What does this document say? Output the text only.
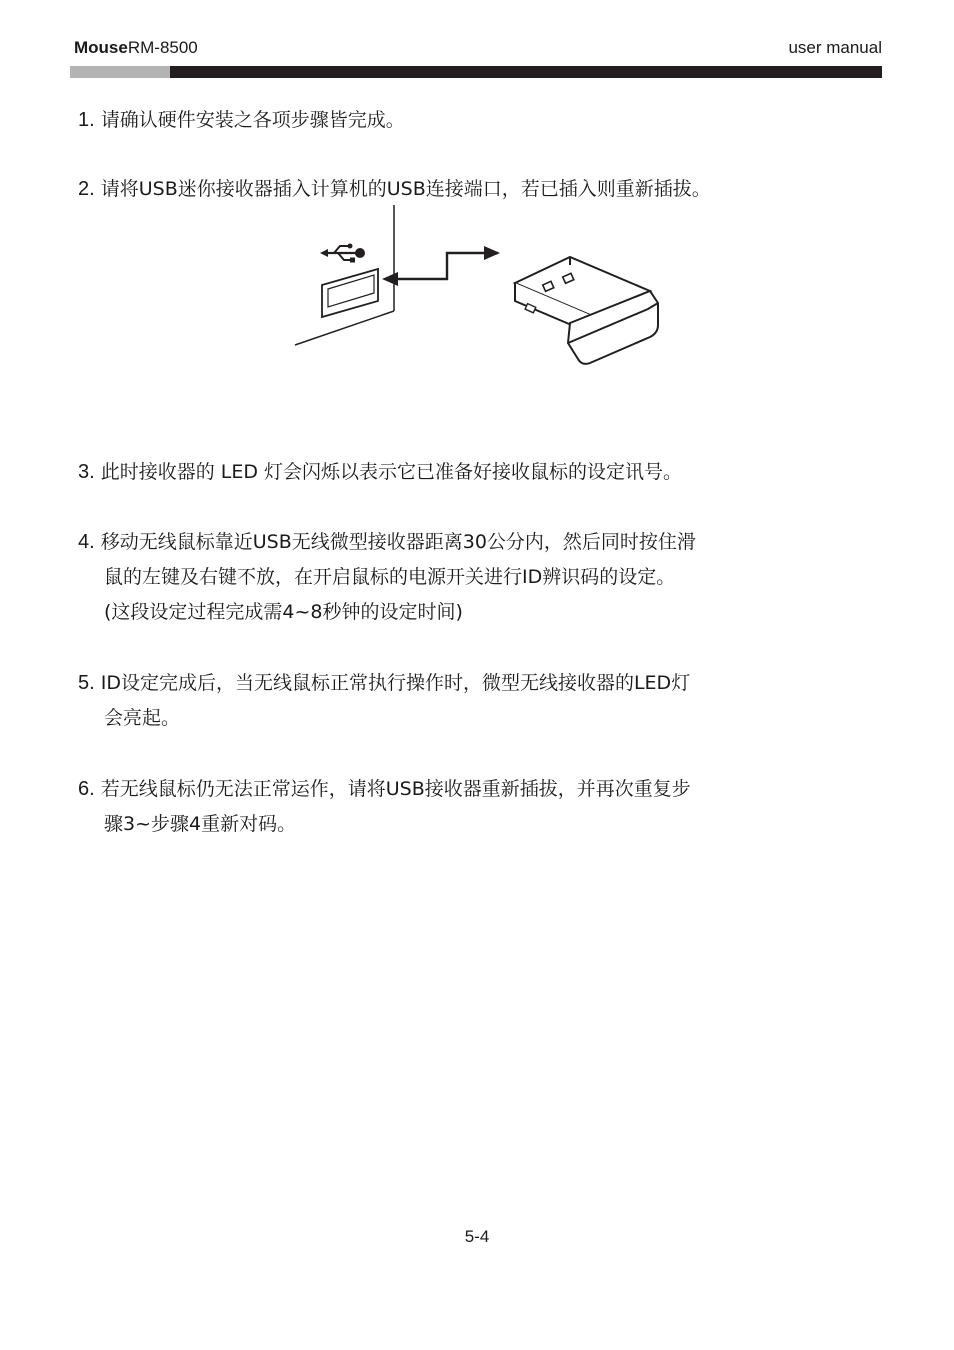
MouseRM-8500	user manual
1. 请确认硬件安装之各项步骤皆完成。
2. 请将USB迷你接收器插入计算机的USB连接端口，若已插入则重新插拔。
3. 此时接收器的 LED 灯会闪烁以表示它已准备好接收鼠标的设定讯号。
4. 移动无线鼠标靠近USB无线微型接收器距离30公分内，然后同时按住滑
鼠的左键及右键不放，在开启鼠标的电源开关进行ID辨识码的设定。
(这段设定过程完成需4~8秒钟的设定时间)
5. ID设定完成后，当无线鼠标正常执行操作时，微型无线接收器的LED灯
会亮起。
6. 若无线鼠标仍无法正常运作，请将USB接收器重新插拔，并再次重复步
骤3~步骤4重新对码。
5-4
